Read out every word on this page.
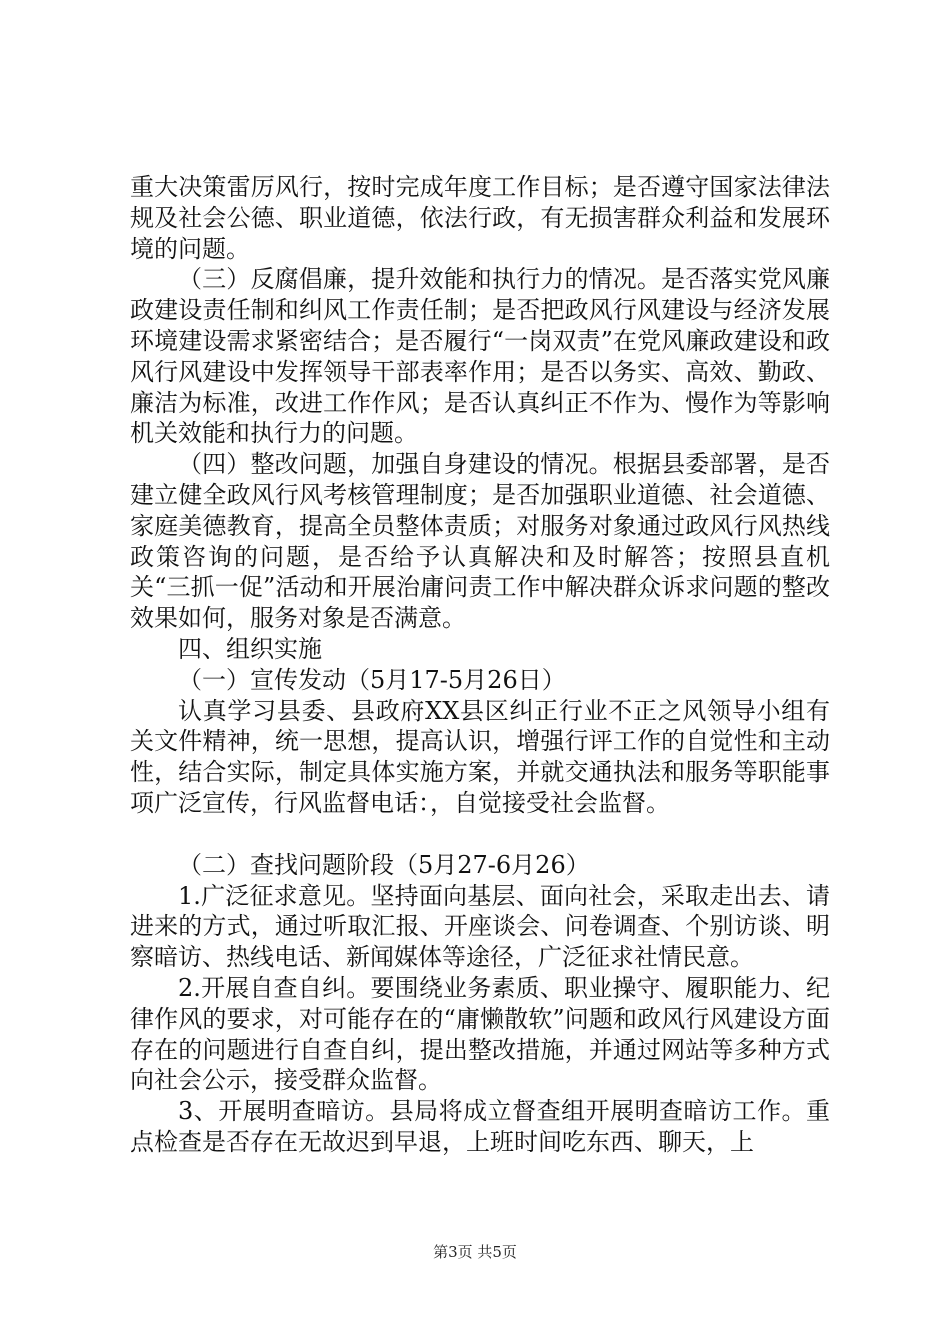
重大决策雷厉风行，按时完成年度工作目标；是否遵守国家法律法规及社会公德、职业道德，依法行政，有无损害群众利益和发展环境的问题。

（三）反腐倡廉，提升效能和执行力的情况。是否落实党风廉政建设责任制和纠风工作责任制；是否把政风行风建设与经济发展环境建设需求紧密结合；是否履行“一岗双责”在党风廉政建设和政风行风建设中发挥领导干部表率作用；是否以务实、高效、勤政、廉洁为标准，改进工作作风；是否认真纠正不作为、慢作为等影响机关效能和执行力的问题。

（四）整改问题，加强自身建设的情况。根据县委部署，是否建立健全政风行风考核管理制度；是否加强职业道德、社会道德、家庭美德教育，提高全员整体责质；对服务对象通过政风行风热线政策咨询的问题，是否给予认真解决和及时解答；按照县直机关“三抓一促”活动和开展治庸问责工作中解决群众诉求问题的整改效果如何，服务对象是否满意。

四、组织实施

（一）宣传发动（5月17-5月26日）

认真学习县委、县政府XX县区纠正行业不正之风领导小组有关文件精神，统一思想，提高认识，增强行评工作的自觉性和主动性，结合实际，制定具体实施方案，并就交通执法和服务等职能事项广泛宣传，行风监督电话：，自觉接受社会监督。

（二）查找问题阶段（5月27-6月26）

1.广泛征求意见。坚持面向基层、面向社会，采取走出去、请进来的方式，通过听取汇报、开座谈会、问卷调查、个别访谈、明察暗访、热线电话、新闻媒体等途径，广泛征求社情民意。

2.开展自查自纠。要围绕业务素质、职业操守、履职能力、纪律作风的要求，对可能存在的“庸懒散软”问题和政风行风建设方面存在的问题进行自查自纠，提出整改措施，并通过网站等多种方式向社会公示，接受群众监督。

3、开展明查暗访。县局将成立督查组开展明查暗访工作。重点检查是否存在无故迟到早退，上班时间吃东西、聊天，上

第3页 共5页
